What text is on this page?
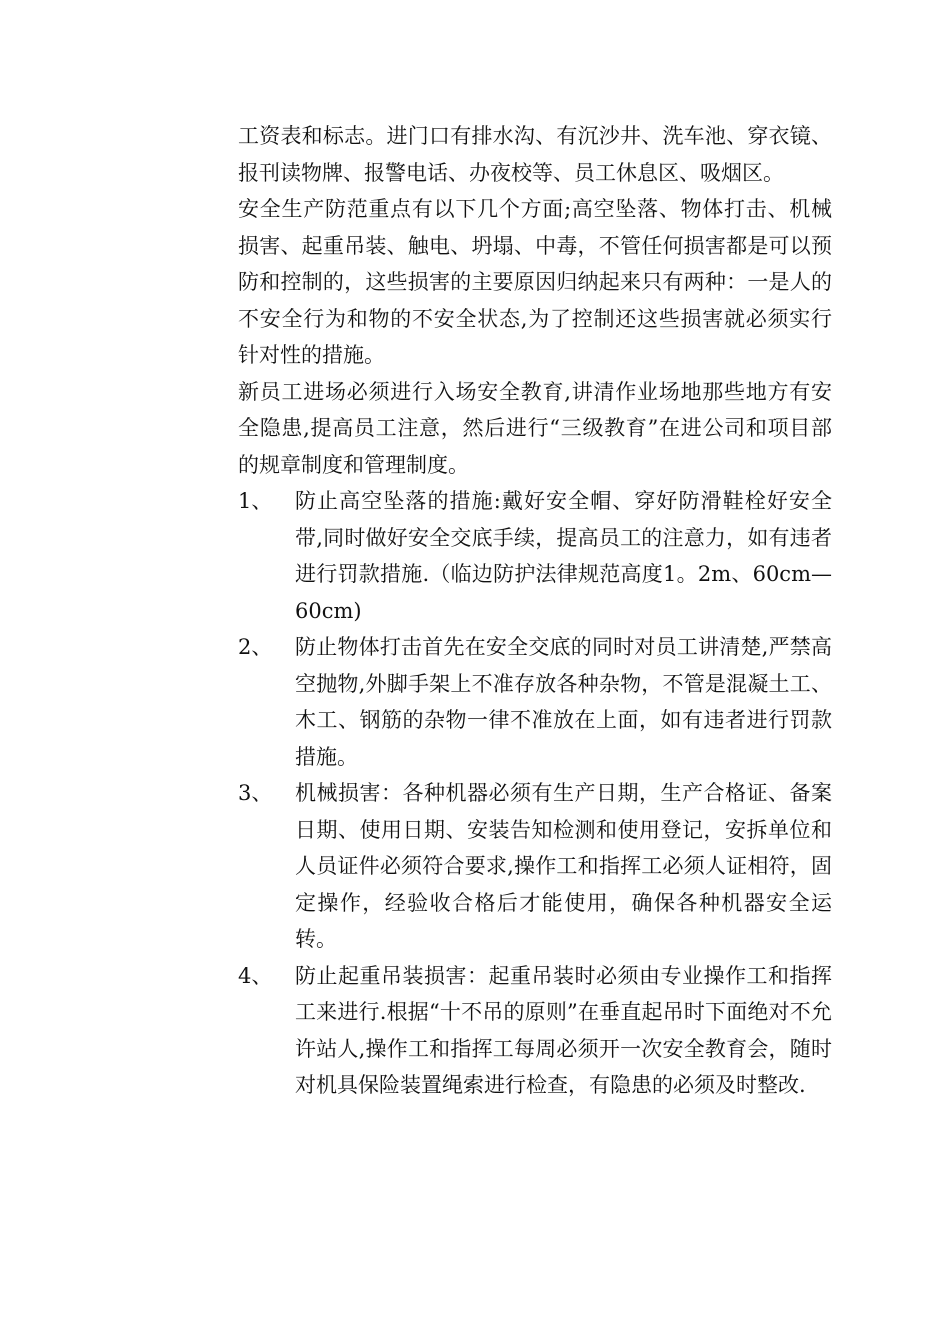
工资表和标志。进门口有排水沟、有沉沙井、洗车池、穿衣镜、报刊读物牌、报警电话、办夜校等、员工休息区、吸烟区。

安全生产防范重点有以下几个方面;高空坠落、物体打击、机械损害、起重吊装、触电、坍塌、中毒，不管任何损害都是可以预防和控制的，这些损害的主要原因归纳起来只有两种：一是人的不安全行为和物的不安全状态,为了控制还这些损害就必须实行针对性的措施。

新员工进场必须进行入场安全教育,讲清作业场地那些地方有安全隐患,提高员工注意，然后进行“三级教育”在进公司和项目部的规章制度和管理制度。

1、	防止高空坠落的措施:戴好安全帽、穿好防滑鞋栓好安全带,同时做好安全交底手续，提高员工的注意力，如有违者进行罚款措施.（临边防护法律规范高度1。2m、60cm—60cm)
2、	防止物体打击首先在安全交底的同时对员工讲清楚,严禁高空抛物,外脚手架上不准存放各种杂物，不管是混凝土工、木工、钢筋的杂物一律不准放在上面，如有违者进行罚款措施。
3、	机械损害：各种机器必须有生产日期，生产合格证、备案日期、使用日期、安装告知检测和使用登记，安拆单位和人员证件必须符合要求,操作工和指挥工必须人证相符，固定操作，经验收合格后才能使用，确保各种机器安全运转。
4、	防止起重吊装损害：起重吊装时必须由专业操作工和指挥工来进行.根据“十不吊的原则”在垂直起吊时下面绝对不允许站人,操作工和指挥工每周必须开一次安全教育会，随时对机具保险装置绳索进行检查，有隐患的必须及时整改.
